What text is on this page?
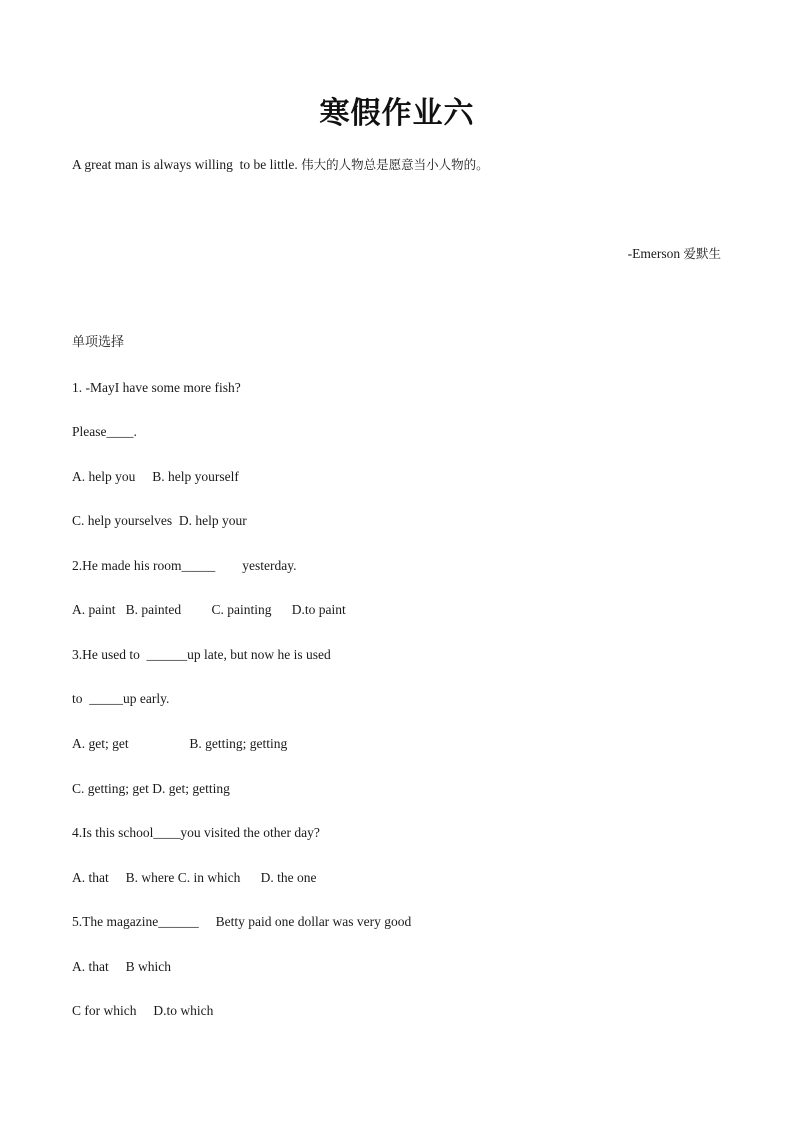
寒假作业六
A great man is always willing  to be little. 伟大的人物总是愿意当小人物的。
-Emerson 爱默生
单项选择
1. -MayI have some more fish?
Please____.
A. help you     B. help yourself
C. help yourselves  D. help your
2.He made his room_____        yesterday.
A. paint   B. painted         C. painting      D.to paint
3.He used to  ______up late, but now he is used
to  _____up early.
A. get; get                  B. getting; getting
C. getting; get D. get; getting
4.Is this school____you visited the other day?
A. that     B. where C. in which      D. the one
5.The magazine______     Betty paid one dollar was very good
A. that     B which
C for which     D.to which
